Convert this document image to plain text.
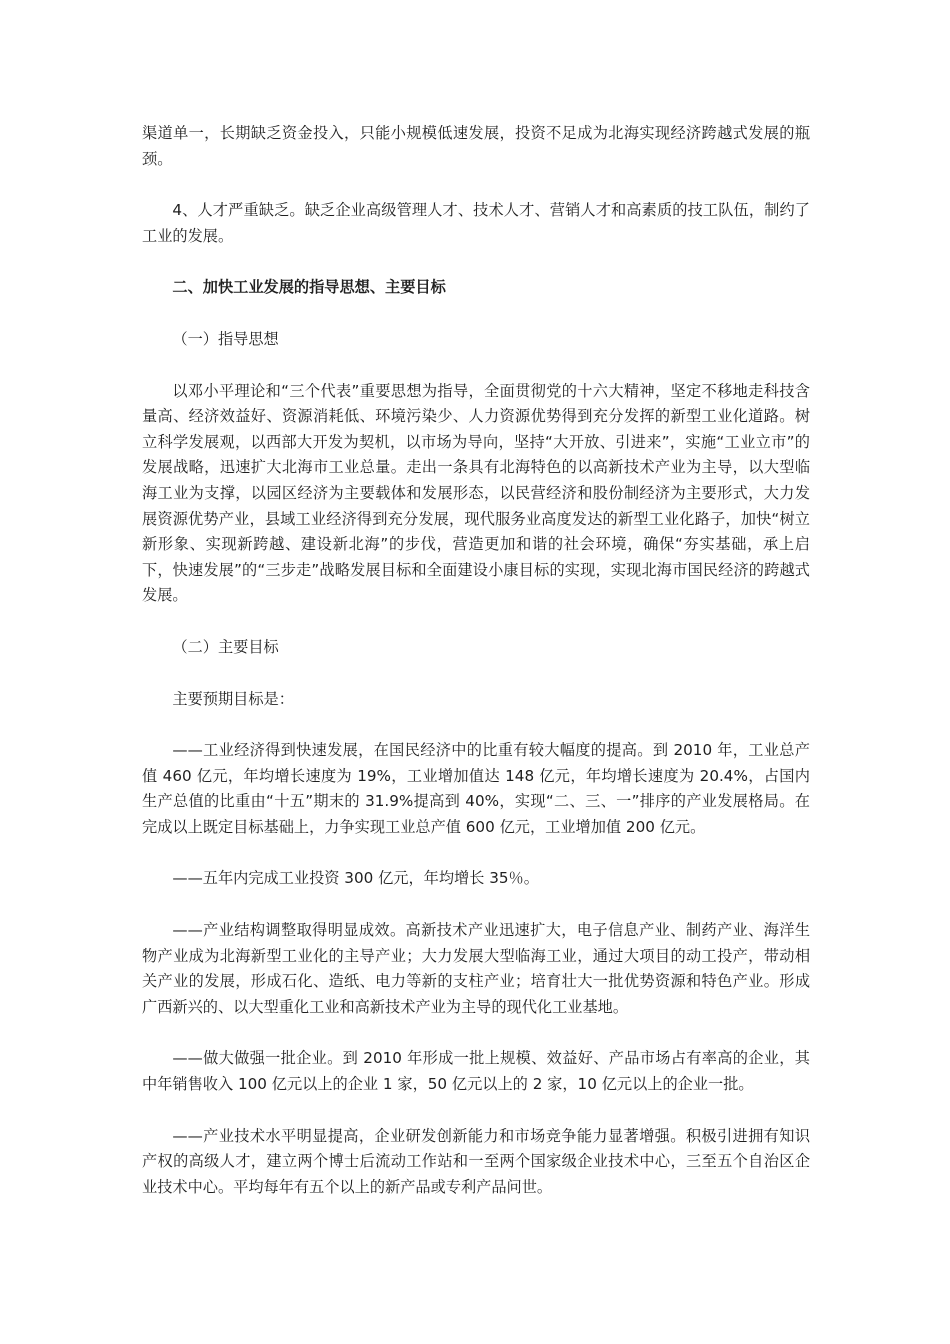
渠道单一，长期缺乏资金投入，只能小规模低速发展，投资不足成为北海实现经济跨越式发展的瓶颈。

4、人才严重缺乏。缺乏企业高级管理人才、技术人才、营销人才和高素质的技工队伍，制约了工业的发展。

二、加快工业发展的指导思想、主要目标

（一）指导思想

以邓小平理论和“三个代表”重要思想为指导，全面贯彻党的十六大精神，坚定不移地走科技含量高、经济效益好、资源消耗低、环境污染少、人力资源优势得到充分发挥的新型工业化道路。树立科学发展观，以西部大开发为契机，以市场为导向，坚持“大开放、引进来”，实施“工业立市”的发展战略，迅速扩大北海市工业总量。走出一条具有北海特色的以高新技术产业为主导，以大型临海工业为支撑，以园区经济为主要载体和发展形态，以民营经济和股份制经济为主要形式，大力发展资源优势产业，县域工业经济得到充分发展，现代服务业高度发达的新型工业化路子，加快“树立新形象、实现新跨越、建设新北海”的步伐，营造更加和谐的社会环境，确保“夯实基础，承上启下，快速发展”的“三步走”战略发展目标和全面建设小康目标的实现，实现北海市国民经济的跨越式发展。

（二）主要目标

主要预期目标是：

——工业经济得到快速发展，在国民经济中的比重有较大幅度的提高。到 2010 年，工业总产值 460 亿元，年均增长速度为 19%，工业增加值达 148 亿元，年均增长速度为 20.4%，占国内生产总值的比重由“十五”期末的 31.9%提高到 40%，实现“二、三、一”排序的产业发展格局。在完成以上既定目标基础上，力争实现工业总产值 600 亿元，工业增加值 200 亿元。

——五年内完成工业投资 300 亿元，年均增长 35％。

——产业结构调整取得明显成效。高新技术产业迅速扩大，电子信息产业、制药产业、海洋生物产业成为北海新型工业化的主导产业；大力发展大型临海工业，通过大项目的动工投产，带动相关产业的发展，形成石化、造纸、电力等新的支柱产业；培育壮大一批优势资源和特色产业。形成广西新兴的、以大型重化工业和高新技术产业为主导的现代化工业基地。

——做大做强一批企业。到 2010 年形成一批上规模、效益好、产品市场占有率高的企业，其中年销售收入 100 亿元以上的企业 1 家，50 亿元以上的 2 家，10 亿元以上的企业一批。

——产业技术水平明显提高，企业研发创新能力和市场竞争能力显著增强。积极引进拥有知识产权的高级人才，建立两个博士后流动工作站和一至两个国家级企业技术中心，三至五个自治区企业技术中心。平均每年有五个以上的新产品或专利产品问世。
